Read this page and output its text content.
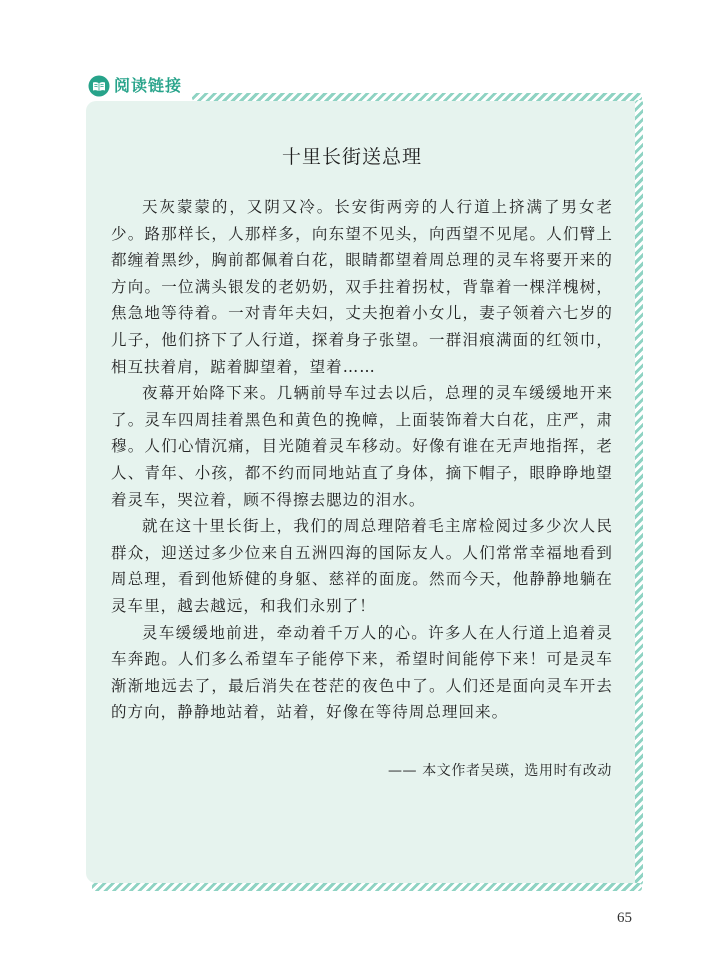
阅读链接
十里长街送总理

天灰蒙蒙的，又阴又冷。长安街两旁的人行道上挤满了男女老少。路那样长，人那样多，向东望不见头，向西望不见尾。人们臂上都缠着黑纱，胸前都佩着白花，眼睛都望着周总理的灵车将要开来的方向。一位满头银发的老奶奶，双手拄着拐杖，背靠着一棵洋槐树，焦急地等待着。一对青年夫妇，丈夫抱着小女儿，妻子领着六七岁的儿子，他们挤下了人行道，探着身子张望。一群泪痕满面的红领巾，相互扶着肩，踮着脚望着，望着……

夜幕开始降下来。几辆前导车过去以后，总理的灵车缓缓地开来了。灵车四周挂着黑色和黄色的挽幛，上面装饰着大白花，庄严，肃穆。人们心情沉痛，目光随着灵车移动。好像有谁在无声地指挥，老人、青年、小孩，都不约而同地站直了身体，摘下帽子，眼睁睁地望着灵车，哭泣着，顾不得擦去腮边的泪水。

就在这十里长街上，我们的周总理陪着毛主席检阅过多少次人民群众，迎送过多少位来自五洲四海的国际友人。人们常常幸福地看到周总理，看到他矫健的身躯、慈祥的面庞。然而今天，他静静地躺在灵车里，越去越远，和我们永别了！

灵车缓缓地前进，牵动着千万人的心。许多人在人行道上追着灵车奔跑。人们多么希望车子能停下来，希望时间能停下来！可是灵车渐渐地远去了，最后消失在苍茫的夜色中了。人们还是面向灵车开去的方向，静静地站着，站着，好像在等待周总理回来。

—— 本文作者吴瑛，选用时有改动
65
